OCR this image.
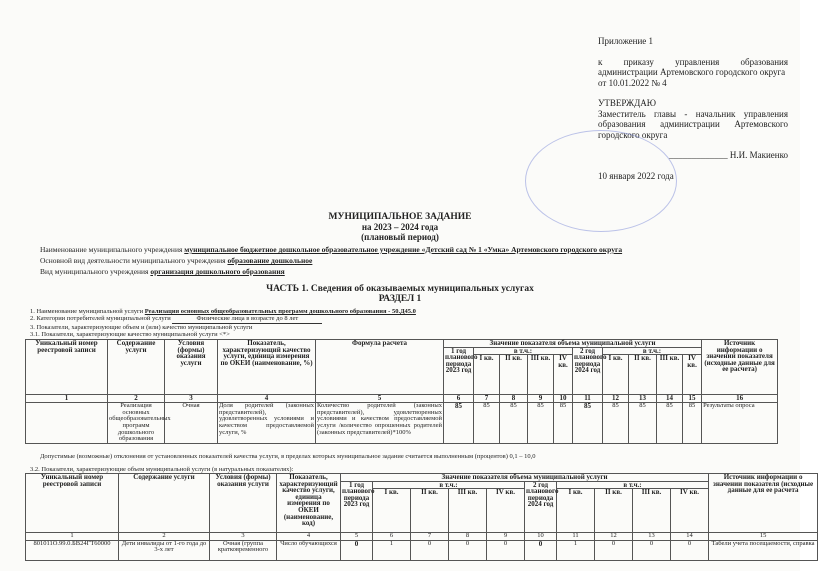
Приложение 1

к приказу управления образования администрации Артемовского городского округа

от 10.01.2022 № 4

УТВЕРЖДАЮ

Заместитель главы - начальник управления образования администрации Артемовского городского округа

_____________ Н.И. Макиенко

10 января 2022 года

МУНИЦИПАЛЬНОЕ ЗАДАНИЕ
на 2023 – 2024 года
(плановый период)
Наименование муниципального учреждения муниципальное бюджетное дошкольное образовательное учреждение «Детский сад № 1 «Умка» Артемовского городского округа
Основной вид деятельности муниципального учреждения образование дошкольное
Вид муниципального учреждения организация дошкольного образования
ЧАСТЬ 1. Сведения об оказываемых муниципальных услугах
РАЗДЕЛ 1
1. Наименование муниципальной услуги Реализация основных общеобразовательных программ дошкольного образования - 50.Д45.0
2. Категории потребителей муниципальной услуги	Физические лица в возрасте до 8 лет
3. Показатели, характеризующие объем и (или) качество муниципальной услуги
3.1. Показатели, характеризующие качество муниципальной услуги <*>
Уникальный номер реестровой записи	Содержание услуги	Условия (формы) оказания услуги	Показатель, характеризующий качество услуги, единица измерения по ОКЕИ (наименование, %)	Формула расчета	Значение показателя объема муниципальной услуги										Источник информации о значении показателя (исходные данные для ее расчета)
					1 год планового периода 2023 год	в т.ч.:				2 год планового периода 2024 год	в т.ч.:				
						I кв.	II кв.	III кв.	IV кв.		I кв.	II кв.	III кв.	IV кв.	
1	2	3	4	5	6	7	8	9	10	11	12	13	14	15	16
	Реализация основных общеобразовательных программ дошкольного образования	Очная	Доля родителей (законных представителей), удовлетворенных условиями и качеством предоставляемой услуги, %	Количество родителей (законных представителей), удовлетворенных условиями и качеством предоставляемой услуги /количество опрошенных родителей (законных представителей)*100%	85	85	85	85	85	85	85	85	85	85	Результаты опроса
Допустимые (возможные) отклонения от установленных показателей качества услуги, в пределах которых муниципальное задание считается выполненным (процентов) 0,1 – 10,0
3.2. Показатели, характеризующие объем муниципальной услуги (в натуральных показателях):
Уникальный номер реестровой записи	Содержание услуги	Условия (формы) оказания услуги	Показатель, характеризующий качество услуги, единица измерения по ОКЕИ (наименование, код)	Значение показателя объема муниципальной услуги										Источник информации о значении показателя (исходные данные для ее расчета
				1 год планового периода 2023 год	в т.ч.:				2 год планового периода 2024 год	в т.ч.:				
					I кв.	II кв.	III кв.	IV кв.		I кв.	II кв.	III кв.	IV кв.	
1	2	3	4	5	6	7	8	9	10	11	12	13	14	15
801011О.99.0.БВ24ГТ60000	Дети инвалиды от 1-го года до 3-х лет	Очная (группа кратковременного	Число обучающихся	0	1	0	0	0	0	1	0	0	0	Табели учета посещаемости, справка
